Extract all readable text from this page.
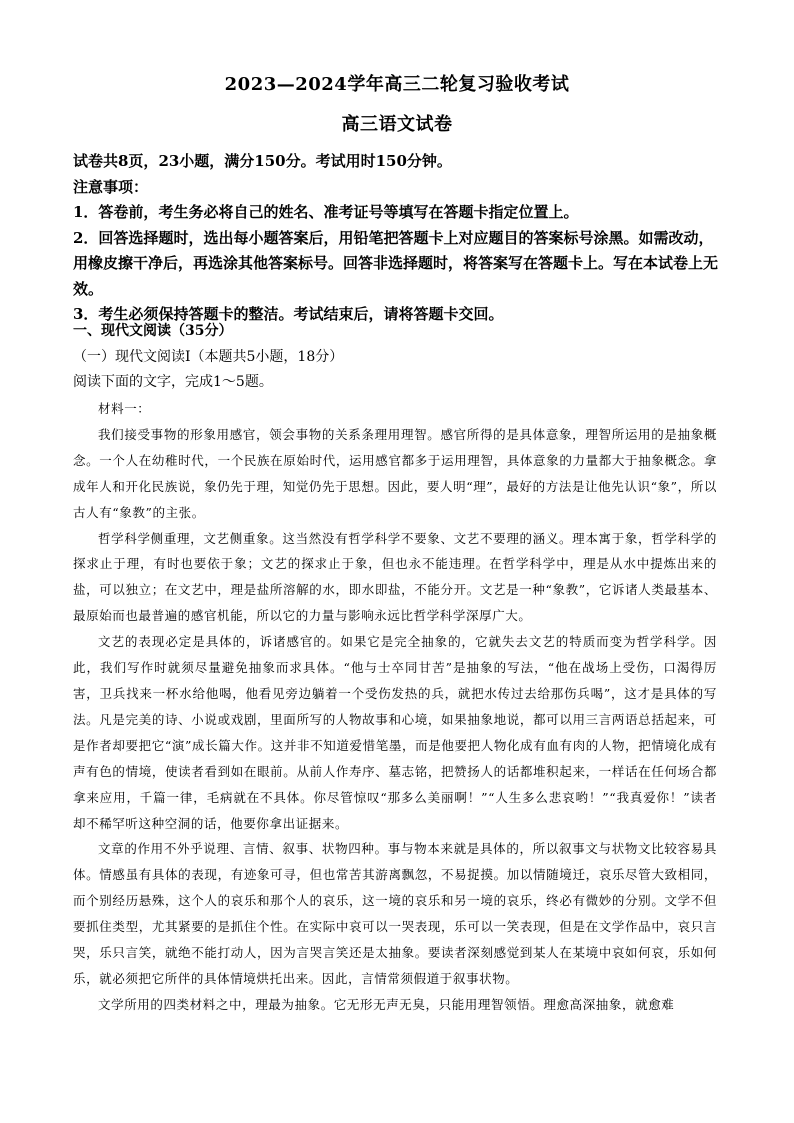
2023—2024学年高三二轮复习验收考试
高三语文试卷

试卷共8页，23小题，满分150分。考试用时150分钟。

注意事项：

1．答卷前，考生务必将自己的姓名、准考证号等填写在答题卡指定位置上。

2．回答选择题时，选出每小题答案后，用铅笔把答题卡上对应题目的答案标号涂黑。如需改动，用橡皮擦干净后，再选涂其他答案标号。回答非选择题时，将答案写在答题卡上。写在本试卷上无效。

3．考生必须保持答题卡的整洁。考试结束后，请将答题卡交回。

一、现代文阅读（35分）
（一）现代文阅读Ⅰ（本题共5小题，18分）
阅读下面的文字，完成1～5题。

材料一：

我们接受事物的形象用感官，领会事物的关系条理用理智。感官所得的是具体意象，理智所运用的是抽象概念。一个人在幼稚时代，一个民族在原始时代，运用感官都多于运用理智，具体意象的力量都大于抽象概念。拿成年人和开化民族说，象仍先于理，知觉仍先于思想。因此，要人明“理”，最好的方法是让他先认识“象”，所以古人有“象教”的主张。

哲学科学侧重理，文艺侧重象。这当然没有哲学科学不要象、文艺不要理的涵义。理本寓于象，哲学科学的探求止于理，有时也要依于象；文艺的探求止于象，但也永不能违理。在哲学科学中，理是从水中提炼出来的盐，可以独立；在文艺中，理是盐所溶解的水，即水即盐，不能分开。文艺是一种“象教”，它诉诸人类最基本、最原始而也最普遍的感官机能，所以它的力量与影响永远比哲学科学深厚广大。

文艺的表现必定是具体的，诉诸感官的。如果它是完全抽象的，它就失去文艺的特质而变为哲学科学。因此，我们写作时就须尽量避免抽象而求具体。“他与士卒同甘苦”是抽象的写法，“他在战场上受伤，口渴得厉害，卫兵找来一杯水给他喝，他看见旁边躺着一个受伤发热的兵，就把水传过去给那伤兵喝”，这才是具体的写法。凡是完美的诗、小说或戏剧，里面所写的人物故事和心境，如果抽象地说，都可以用三言两语总括起来，可是作者却要把它“演”成长篇大作。这并非不知道爱惜笔墨，而是他要把人物化成有血有肉的人物，把情境化成有声有色的情境，使读者看到如在眼前。从前人作寿序、墓志铭，把赞扬人的话都堆积起来，一样话在任何场合都拿来应用，千篇一律，毛病就在不具体。你尽管惊叹“那多么美丽啊！”“人生多么悲哀哟！”“我真爱你！”读者却不稀罕听这种空洞的话，他要你拿出证据来。

文章的作用不外乎说理、言情、叙事、状物四种。事与物本来就是具体的，所以叙事文与状物文比较容易具体。情感虽有具体的表现，有迹象可寻，但也常苦其游离飘忽，不易捉摸。加以情随境迁，哀乐尽管大致相同，而个别经历悬殊，这个人的哀乐和那个人的哀乐，这一境的哀乐和另一境的哀乐，终必有微妙的分别。文学不但要抓住类型，尤其紧要的是抓住个性。在实际中哀可以一哭表现，乐可以一笑表现，但是在文学作品中，哀只言哭，乐只言笑，就绝不能打动人，因为言哭言笑还是太抽象。要读者深刻感觉到某人在某境中哀如何哀，乐如何乐，就必须把它所伴的具体情境烘托出来。因此，言情常须假道于叙事状物。

文学所用的四类材料之中，理最为抽象。它无形无声无臭，只能用理智领悟。理愈高深抽象，就愈难
